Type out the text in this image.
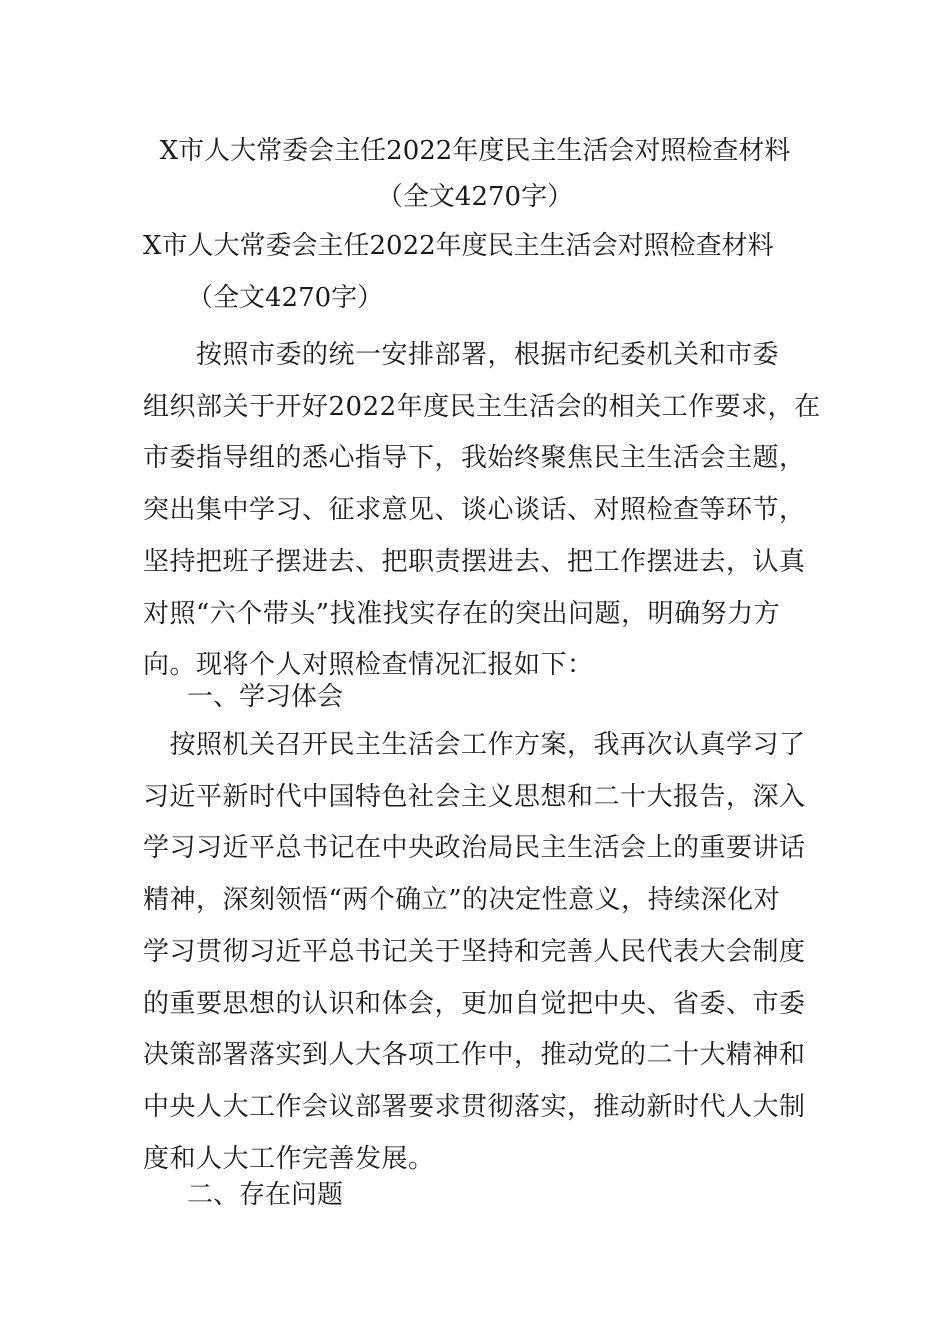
X市人大常委会主任2022年度民主生活会对照检查材料
（全文4270字）
X市人大常委会主任2022年度民主生活会对照检查材料
（全文4270字）
　　按照市委的统一安排部署，根据市纪委机关和市委
组织部关于开好2022年度民主生活会的相关工作要求，在
市委指导组的悉心指导下，我始终聚焦民主生活会主题，
突出集中学习、征求意见、谈心谈话、对照检查等环节，
坚持把班子摆进去、把职责摆进去、把工作摆进去，认真
对照“六个带头”找准找实存在的突出问题，明确努力方
向。现将个人对照检查情况汇报如下：
一、学习体会
　按照机关召开民主生活会工作方案，我再次认真学习了
习近平新时代中国特色社会主义思想和二十大报告，深入
学习习近平总书记在中央政治局民主生活会上的重要讲话
精神，深刻领悟“两个确立”的决定性意义，持续深化对
学习贯彻习近平总书记关于坚持和完善人民代表大会制度
的重要思想的认识和体会，更加自觉把中央、省委、市委
决策部署落实到人大各项工作中，推动党的二十大精神和
中央人大工作会议部署要求贯彻落实，推动新时代人大制
度和人大工作完善发展。
二、存在问题
